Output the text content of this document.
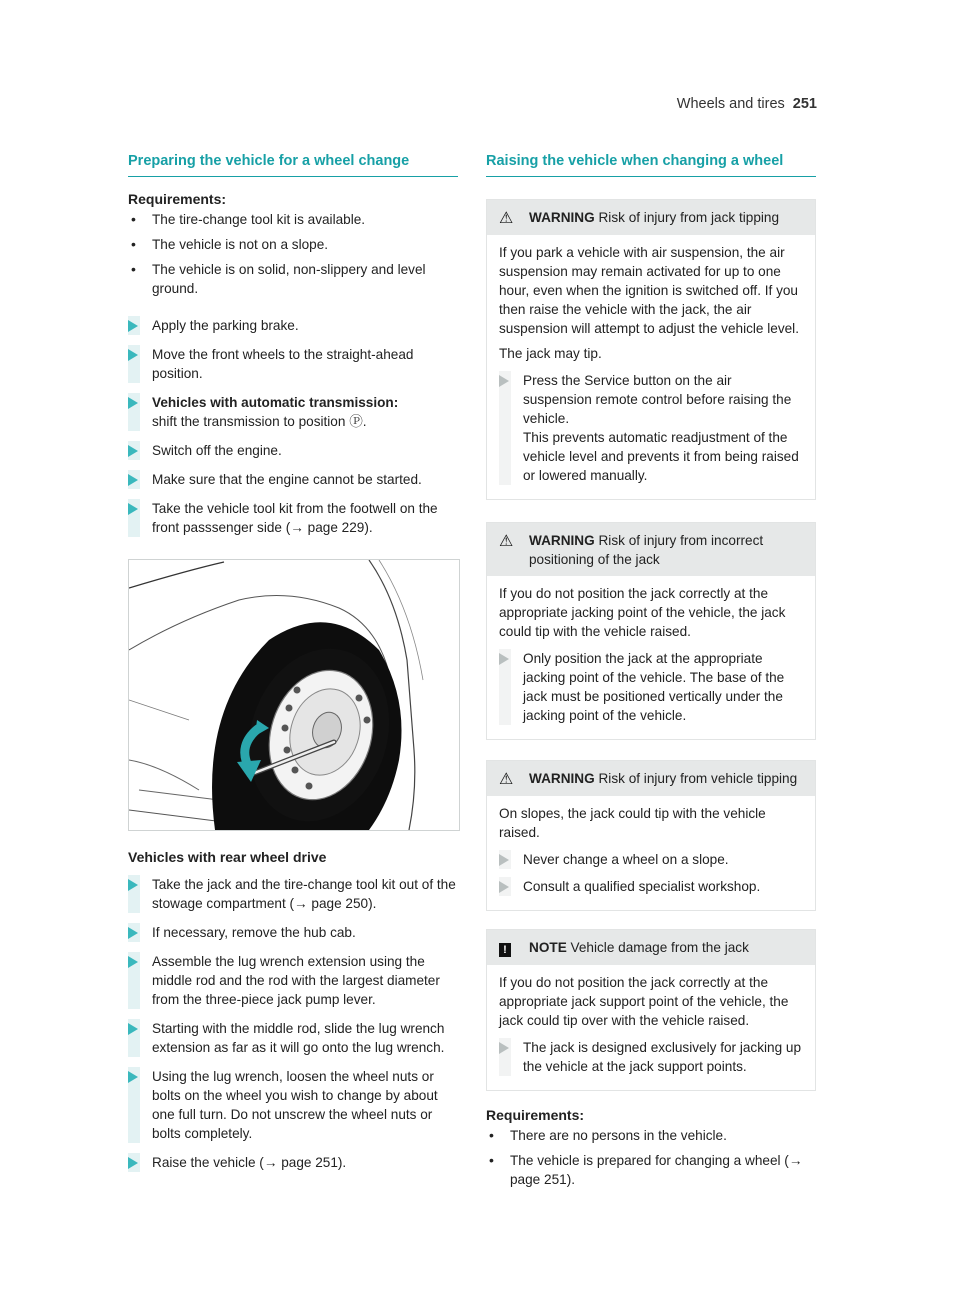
Wheels and tires 251
Preparing the vehicle for a wheel change
Requirements:
• The tire-change tool kit is available.
• The vehicle is not on a slope.
• The vehicle is on solid, non-slippery and level ground.
Apply the parking brake.
Move the front wheels to the straight-ahead position.
Vehicles with automatic transmission:
shift the transmission to position Ⓟ.
Switch off the engine.
Make sure that the engine cannot be started.
Take the vehicle tool kit from the footwell on the front passsenger side (→ page 229).
Vehicles with rear wheel drive
Take the jack and the tire-change tool kit out of the stowage compartment (→ page 250).
If necessary, remove the hub cab.
Assemble the lug wrench extension using the middle rod and the rod with the largest diameter from the three-piece jack pump lever.
Starting with the middle rod, slide the lug wrench extension as far as it will go onto the lug wrench.
Using the lug wrench, loosen the wheel nuts or bolts on the wheel you wish to change by about one full turn. Do not unscrew the wheel nuts or bolts completely.
Raise the vehicle (→ page 251).
Raising the vehicle when changing a wheel
⚠	WARNING Risk of injury from jack tipping

If you park a vehicle with air suspension, the air suspension may remain activated for up to one hour, even when the ignition is switched off. If you then raise the vehicle with the jack, the air suspension will attempt to adjust the vehicle level.

The jack may tip.

Press the Service button on the air suspension remote control before raising the vehicle.
This prevents automatic readjustment of the vehicle level and prevents it from being raised or lowered manually.
⚠	WARNING Risk of injury from incorrect positioning of the jack

If you do not position the jack correctly at the appropriate jacking point of the vehicle, the jack could tip with the vehicle raised.

Only position the jack at the appropriate jacking point of the vehicle. The base of the jack must be positioned vertically under the jacking point of the vehicle.
⚠	WARNING Risk of injury from vehicle tipping

On slopes, the jack could tip with the vehicle raised.

Never change a wheel on a slope.
Consult a qualified specialist workshop.
!	NOTE Vehicle damage from the jack

If you do not position the jack correctly at the appropriate jack support point of the vehicle, the jack could tip over with the vehicle raised.

The jack is designed exclusively for jacking up the vehicle at the jack support points.
Requirements:
• There are no persons in the vehicle.
• The vehicle is prepared for changing a wheel (→ page 251).
